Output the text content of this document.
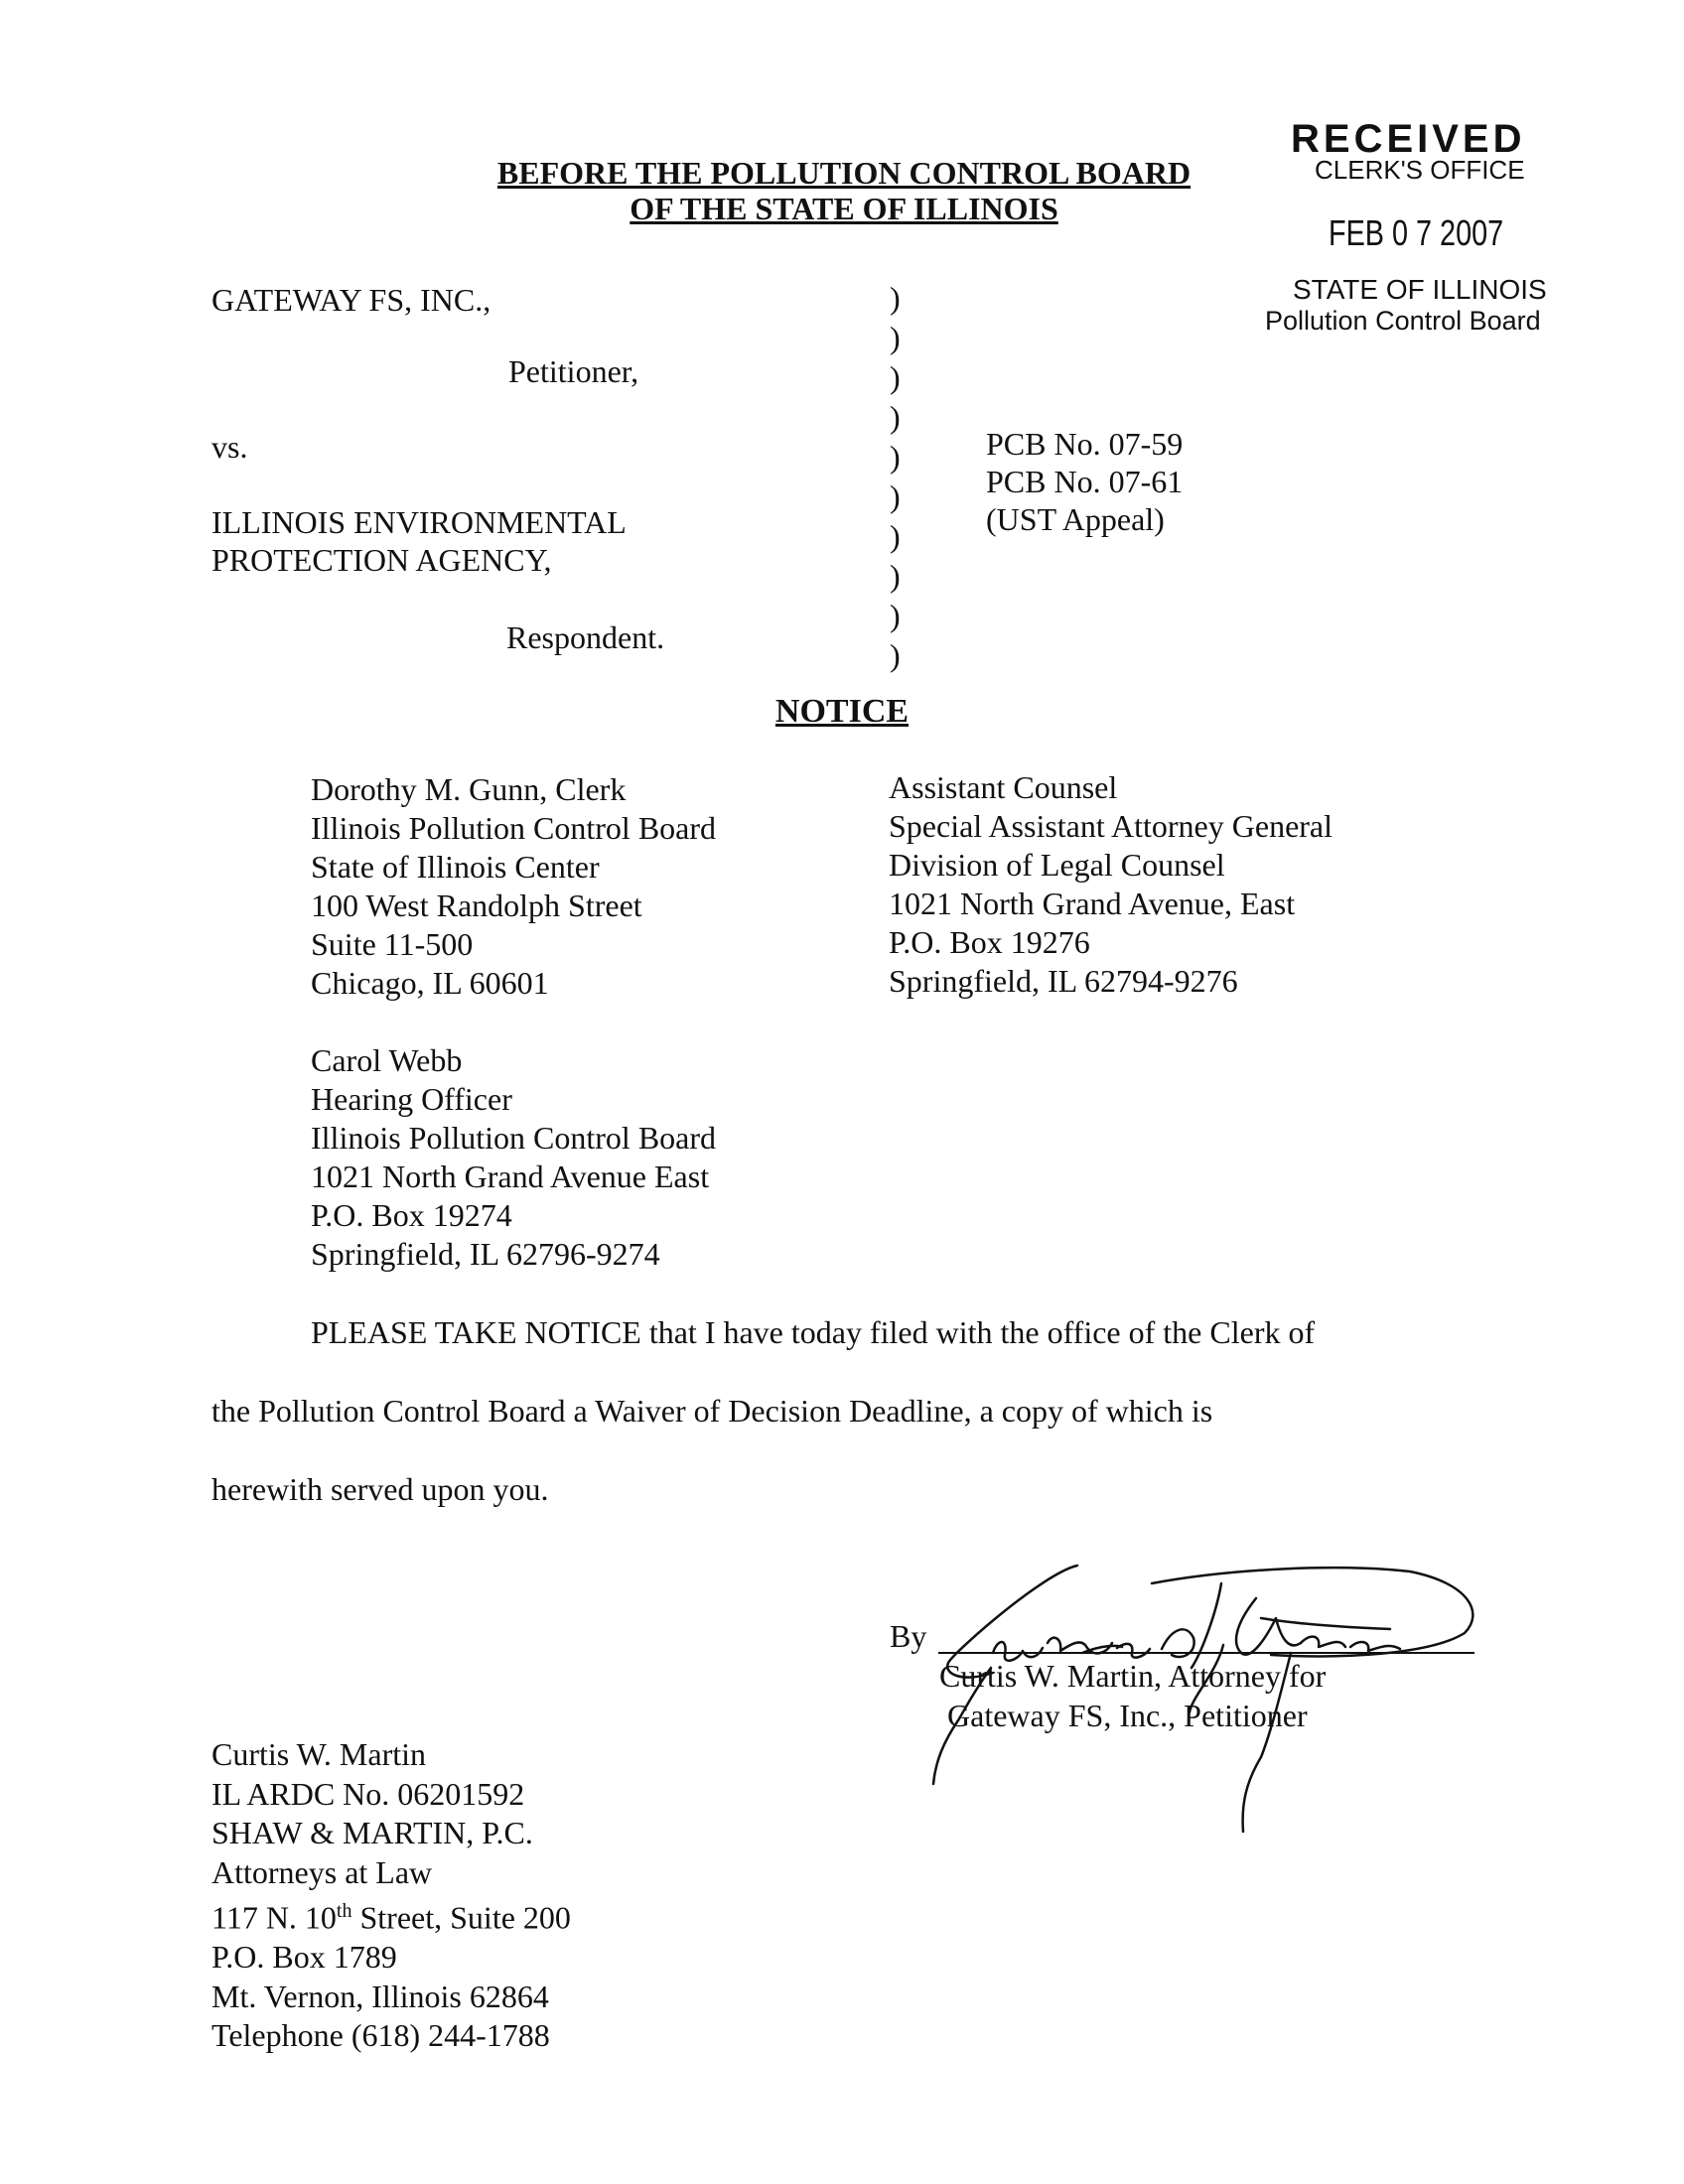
RECEIVED
CLERK'S OFFICE
FEB 0 7 2007
STATE OF ILLINOIS
Pollution Control Board
BEFORE THE POLLUTION CONTROL BOARD
OF THE STATE OF ILLINOIS
GATEWAY FS, INC.,
Petitioner,
vs.
ILLINOIS ENVIRONMENTAL
PROTECTION AGENCY,
Respondent.
)
)
)
)
)
)
)
)
)
)
PCB No. 07-59
PCB No. 07-61
(UST Appeal)
NOTICE
Dorothy M. Gunn, Clerk
Illinois Pollution Control Board
State of Illinois Center
100 West Randolph Street
Suite 11-500
Chicago, IL 60601
Assistant Counsel
Special Assistant Attorney General
Division of Legal Counsel
1021 North Grand Avenue, East
P.O. Box 19276
Springfield, IL 62794-9276
Carol Webb
Hearing Officer
Illinois Pollution Control Board
1021 North Grand Avenue East
P.O. Box 19274
Springfield, IL 62796-9274
PLEASE TAKE NOTICE that I have today filed with the office of the Clerk of
the Pollution Control Board a Waiver of Decision Deadline, a copy of which is
herewith served upon you.
By
Curtis W. Martin, Attorney for
Gateway FS, Inc., Petitioner
Curtis W. Martin
IL ARDC No. 06201592
SHAW & MARTIN, P.C.
Attorneys at Law
117 N. 10th Street, Suite 200
P.O. Box 1789
Mt. Vernon, Illinois 62864
Telephone (618) 244-1788
